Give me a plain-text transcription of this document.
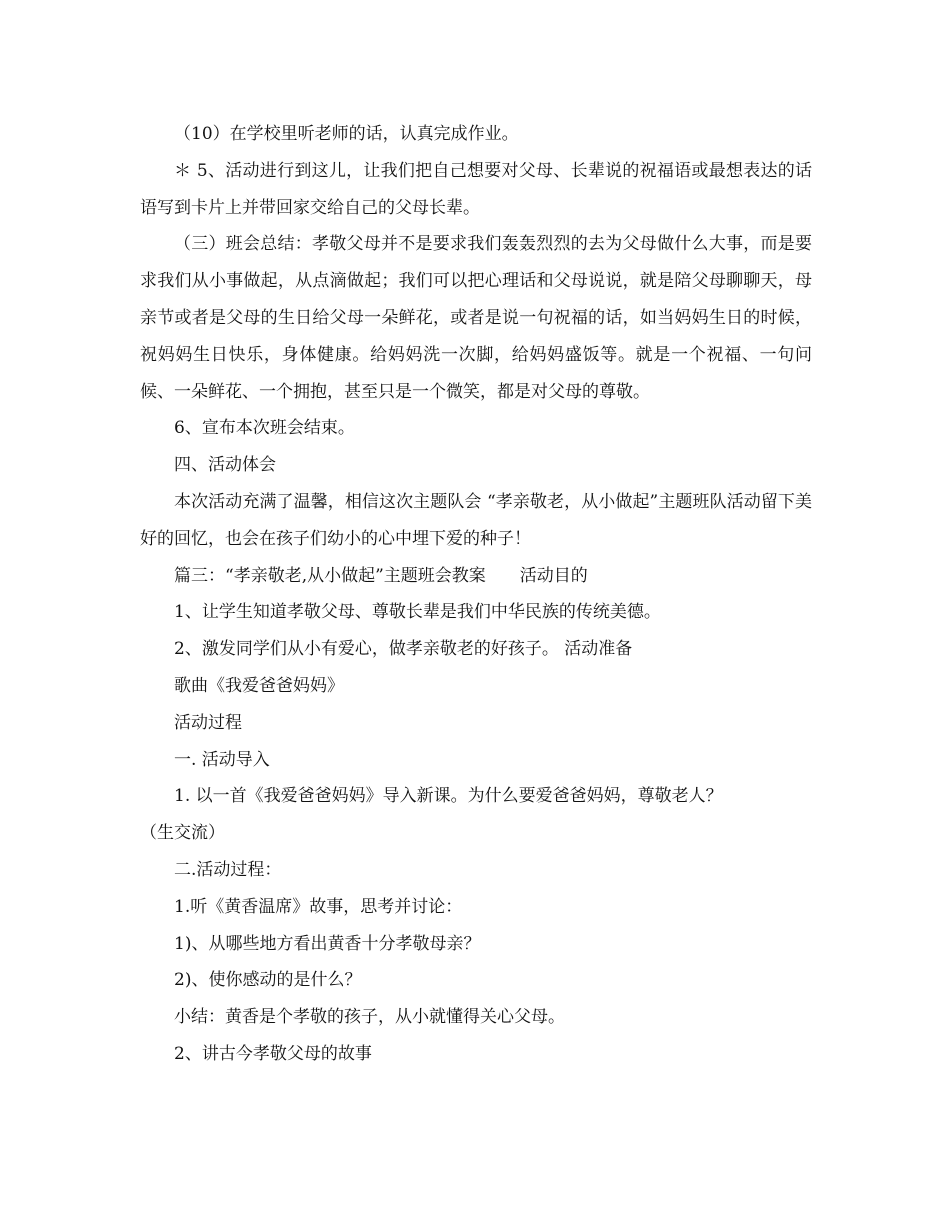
（10）在学校里听老师的话，认真完成作业。

＊ 5、活动进行到这儿，让我们把自己想要对父母、长辈说的祝福语或最想表达的话语写到卡片上并带回家交给自己的父母长辈。

（三）班会总结：孝敬父母并不是要求我们轰轰烈烈的去为父母做什么大事，而是要求我们从小事做起，从点滴做起；我们可以把心理话和父母说说，就是陪父母聊聊天，母亲节或者是父母的生日给父母一朵鲜花，或者是说一句祝福的话，如当妈妈生日的时候，祝妈妈生日快乐，身体健康。给妈妈洗一次脚，给妈妈盛饭等。就是一个祝福、一句问候、一朵鲜花、一个拥抱，甚至只是一个微笑，都是对父母的尊敬。

6、宣布本次班会结束。

四、活动体会

本次活动充满了温馨，相信这次主题队会 “孝亲敬老，从小做起”主题班队活动留下美好的回忆，也会在孩子们幼小的心中埋下爱的种子！

篇三：“孝亲敬老,从小做起”主题班会教案　　活动目的

1、让学生知道孝敬父母、尊敬长辈是我们中华民族的传统美德。

2、激发同学们从小有爱心，做孝亲敬老的好孩子。 活动准备

歌曲《我爱爸爸妈妈》

活动过程

一. 活动导入

1. 以一首《我爱爸爸妈妈》导入新课。为什么要爱爸爸妈妈，尊敬老人？

（生交流）

二.活动过程：

1.听《黄香温席》故事，思考并讨论：

1)、从哪些地方看出黄香十分孝敬母亲？

2)、使你感动的是什么？

小结：黄香是个孝敬的孩子，从小就懂得关心父母。

2、讲古今孝敬父母的故事
